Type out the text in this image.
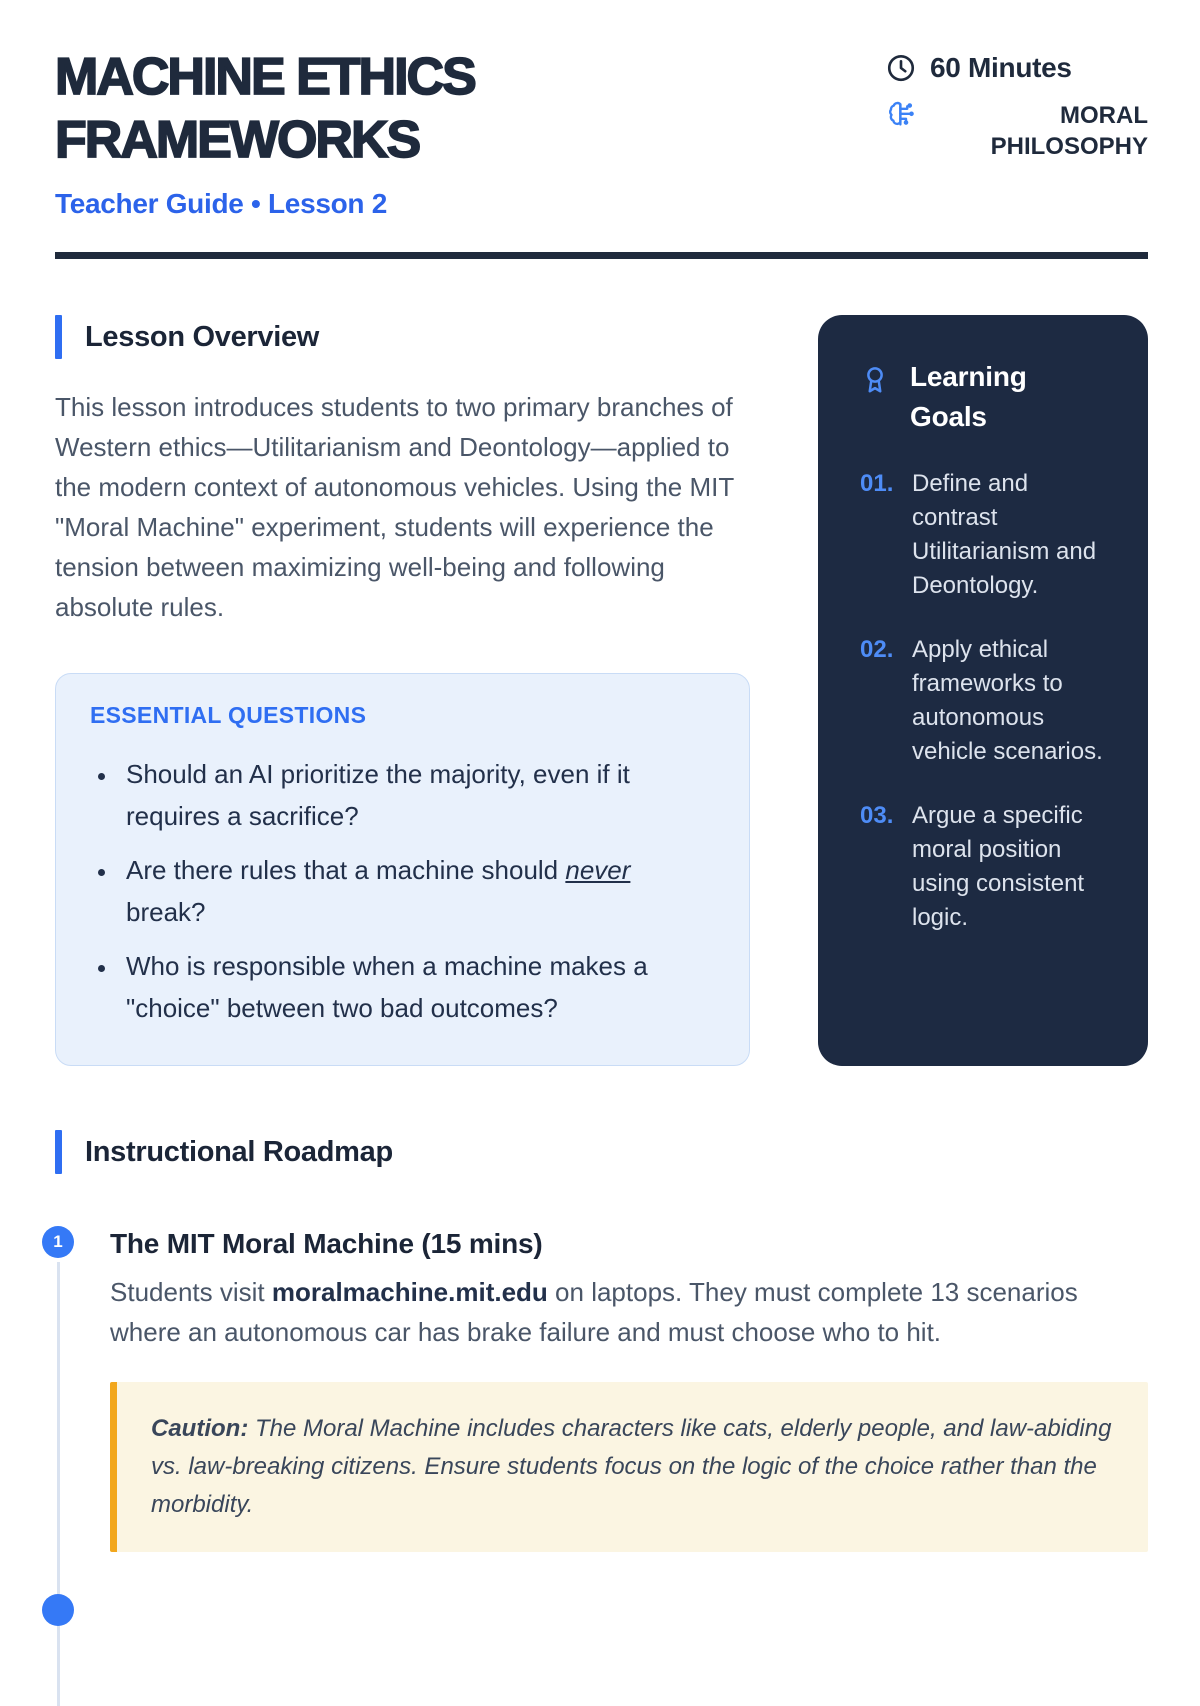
MACHINE ETHICS
FRAMEWORKS
Teacher Guide • Lesson 2
60 Minutes
MORAL PHILOSOPHY
Lesson Overview

This lesson introduces students to two primary branches of Western ethics—Utilitarianism and Deontology—applied to the modern context of autonomous vehicles. Using the MIT "Moral Machine" experiment, students will experience the tension between maximizing well-being and following absolute rules.

ESSENTIAL QUESTIONS
• Should an AI prioritize the majority, even if it requires a sacrifice?
• Are there rules that a machine should never break?
• Who is responsible when a machine makes a "choice" between two bad outcomes?
Learning Goals
01. Define and contrast Utilitarianism and Deontology.
02. Apply ethical frameworks to autonomous vehicle scenarios.
03. Argue a specific moral position using consistent logic.
Instructional Roadmap
1	The MIT Moral Machine (15 mins)

Students visit moralmachine.mit.edu on laptops. They must complete 13 scenarios where an autonomous car has brake failure and must choose who to hit.

Caution: The Moral Machine includes characters like cats, elderly people, and law-abiding vs. law-breaking citizens. Ensure students focus on the logic of the choice rather than the morbidity.
